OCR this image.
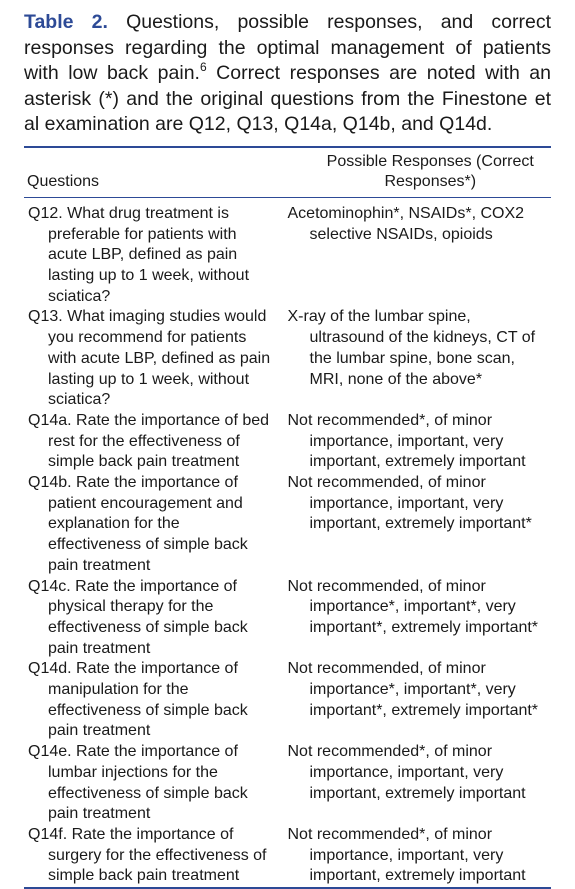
Table 2. Questions, possible responses, and correct responses regarding the optimal management of patients with low back pain.$^6$ Correct responses are noted with an asterisk (*) and the original questions from the Finestone et al examination are Q12, Q13, Q14a, Q14b, and Q14d.

Questions	Possible Responses (Correct Responses*)

Q12. What drug treatment is preferable for patients with acute LBP, defined as pain lasting up to 1 week, without sciatica?	Acetominophin*, NSAIDs*, COX2 selective NSAIDs, opioids

Q13. What imaging studies would you recommend for patients with acute LBP, defined as pain lasting up to 1 week, without sciatica?	X-ray of the lumbar spine, ultrasound of the kidneys, CT of the lumbar spine, bone scan, MRI, none of the above*

Q14a. Rate the importance of bed rest for the effectiveness of simple back pain treatment	Not recommended*, of minor importance, important, very important, extremely important

Q14b. Rate the importance of patient encouragement and explanation for the effectiveness of simple back pain treatment	Not recommended, of minor importance, important, very important, extremely important*

Q14c. Rate the importance of physical therapy for the effectiveness of simple back pain treatment	Not recommended, of minor importance*, important*, very important*, extremely important*

Q14d. Rate the importance of manipulation for the effectiveness of simple back pain treatment	Not recommended, of minor importance*, important*, very important*, extremely important*

Q14e. Rate the importance of lumbar injections for the effectiveness of simple back pain treatment	Not recommended*, of minor importance, important, very important, extremely important

Q14f. Rate the importance of surgery for the effectiveness of simple back pain treatment	Not recommended*, of minor importance, important, very important, extremely important
